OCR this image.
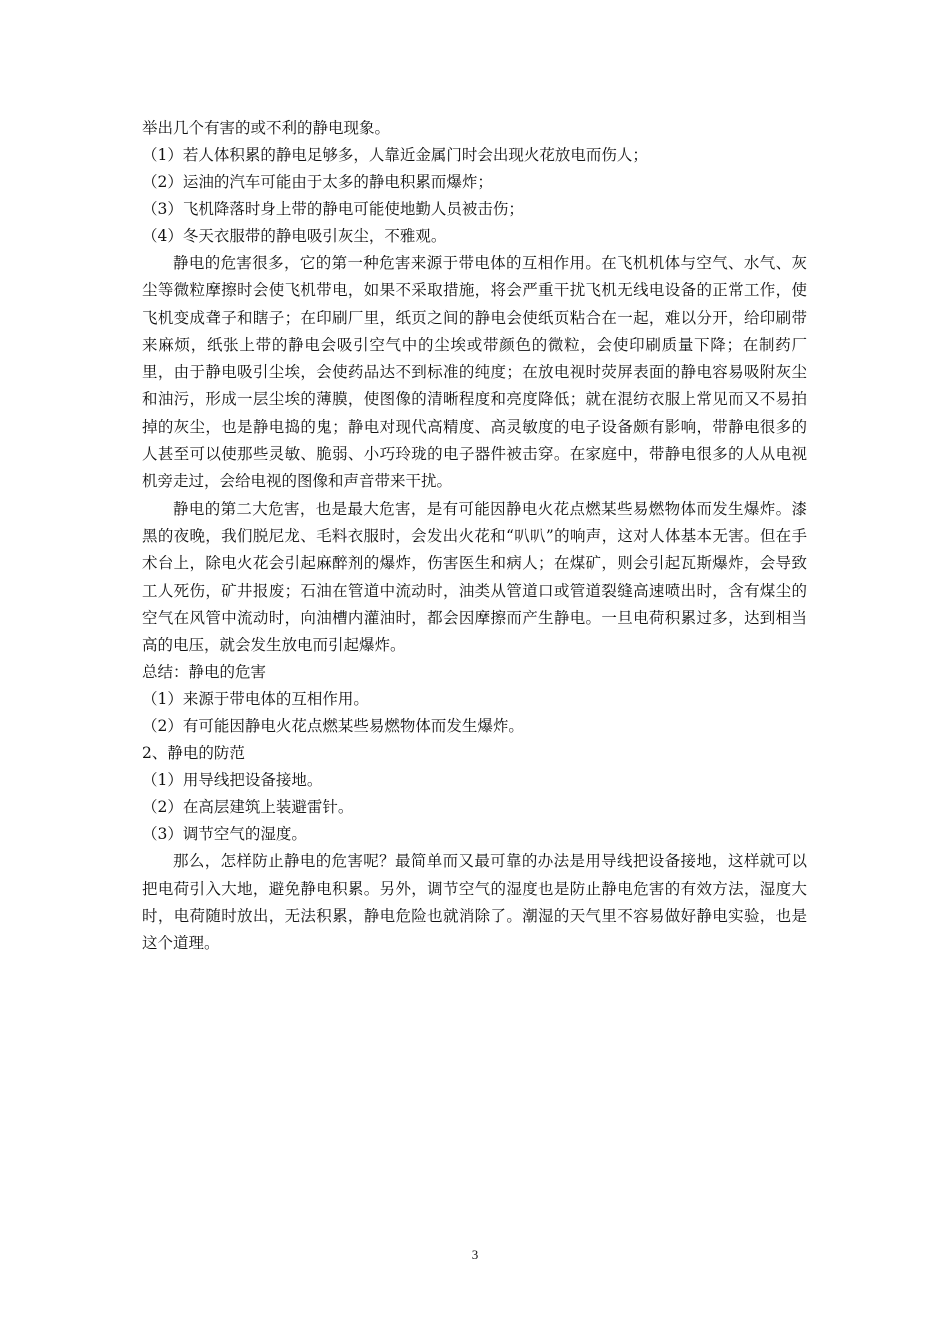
举出几个有害的或不利的静电现象。
（1）若人体积累的静电足够多，人靠近金属门时会出现火花放电而伤人；
（2）运油的汽车可能由于太多的静电积累而爆炸；
（3）飞机降落时身上带的静电可能使地勤人员被击伤；
（4）冬天衣服带的静电吸引灰尘，不雅观。

静电的危害很多，它的第一种危害来源于带电体的互相作用。在飞机机体与空气、水气、灰尘等微粒摩擦时会使飞机带电，如果不采取措施，将会严重干扰飞机无线电设备的正常工作，使飞机变成聋子和瞎子；在印刷厂里，纸页之间的静电会使纸页粘合在一起，难以分开，给印刷带来麻烦，纸张上带的静电会吸引空气中的尘埃或带颜色的微粒，会使印刷质量下降；在制药厂里，由于静电吸引尘埃，会使药品达不到标准的纯度；在放电视时荧屏表面的静电容易吸附灰尘和油污，形成一层尘埃的薄膜，使图像的清晰程度和亮度降低；就在混纺衣服上常见而又不易拍掉的灰尘，也是静电捣的鬼；静电对现代高精度、高灵敏度的电子设备颇有影响，带静电很多的人甚至可以使那些灵敏、脆弱、小巧玲珑的电子器件被击穿。在家庭中，带静电很多的人从电视机旁走过，会给电视的图像和声音带来干扰。

静电的第二大危害，也是最大危害，是有可能因静电火花点燃某些易燃物体而发生爆炸。漆黑的夜晚，我们脱尼龙、毛料衣服时，会发出火花和“叭叭”的响声，这对人体基本无害。但在手术台上，除电火花会引起麻醉剂的爆炸，伤害医生和病人；在煤矿，则会引起瓦斯爆炸，会导致工人死伤，矿井报废；石油在管道中流动时，油类从管道口或管道裂缝高速喷出时，含有煤尘的空气在风管中流动时，向油槽内灌油时，都会因摩擦而产生静电。一旦电荷积累过多，达到相当高的电压，就会发生放电而引起爆炸。

总结：静电的危害
（1）来源于带电体的互相作用。
（2）有可能因静电火花点燃某些易燃物体而发生爆炸。
2、静电的防范
（1）用导线把设备接地。
（2）在高层建筑上装避雷针。
（3）调节空气的湿度。

那么，怎样防止静电的危害呢？最简单而又最可靠的办法是用导线把设备接地，这样就可以把电荷引入大地，避免静电积累。另外，调节空气的湿度也是防止静电危害的有效方法，湿度大时，电荷随时放出，无法积累，静电危险也就消除了。潮湿的天气里不容易做好静电实验，也是这个道理。

3
